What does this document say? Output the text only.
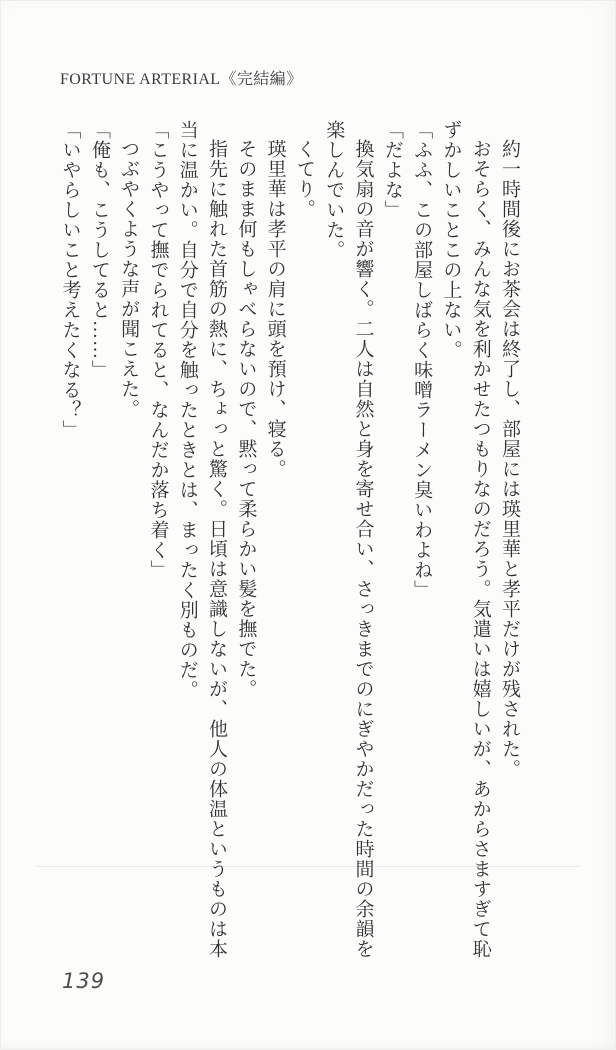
FORTUNE ARTERIAL《完結編》

約一時間後にお茶会は終了し、部屋には瑛里華と孝平だけが残された。

おそらく、みんな気を利かせたつもりなのだろう。気遣いは嬉しいが、あからさますぎて恥ずかしいことこの上ない。

「ふふ、この部屋しばらく味噌ラーメン臭いわよね」

「だよな」

換気扇の音が響く。二人は自然と身を寄せ合い、さっきまでのにぎやかだった時間の余韻を楽しんでいた。

くてり。

瑛里華は孝平の肩に頭を預け、寝る。

そのまま何もしゃべらないので、黙って柔らかい髪を撫でた。

指先に触れた首筋の熱に、ちょっと驚く。日頃は意識しないが、他人の体温というものは本当に温かい。自分で自分を触ったときとは、まったく別ものだ。

「こうやって撫でられてると、なんだか落ち着く」

つぶやくような声が聞こえた。

「俺も、こうしてると……」

「いやらしいこと考えたくなる？」

139
